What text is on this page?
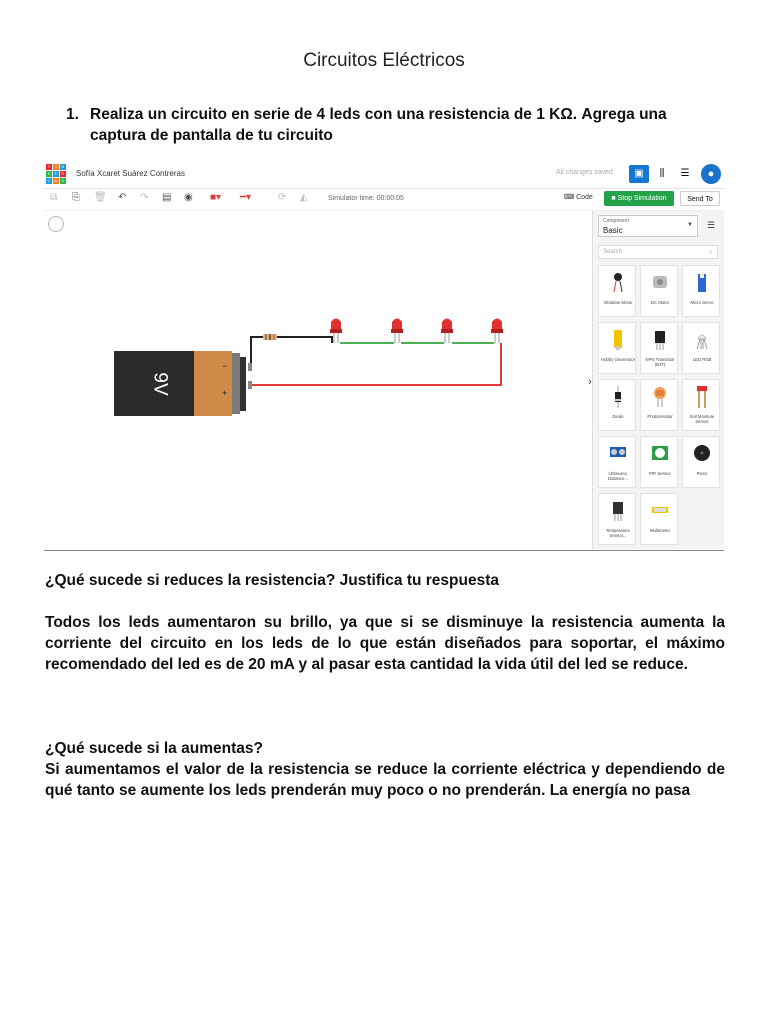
Circuitos Eléctricos
1. Realiza un circuito en serie de 4 leds con una resistencia de 1 KΩ. Agrega una captura de pantalla de tu circuito
T	I	N
K	E	R
C	A	D
Sofía Xcaret Suárez Contreras	All changes saved	▣	⫼	☰	●
⧉ ⎘ 🗑 ↶ ↷ ▤ ◉ ■▾ ━▾	⟳ ◭	Simulator time: 00:00:05	⌨ Code	■ Stop Simulation	Send To
9V
−
+
›
Component
Basic
▼ ☰
Search	⌕
Vibration Motor	DC Motor	Micro Servo
Hobby Gearmotor	NPN Transistor (BJT)
LED RGB
Diode	Photoresistor	Soil Moisture Sensor
Ultrasonic Distance...
PIR Sensor	Piezo
Temperature Sensor...
Multimeter
¿Qué sucede si reduces la resistencia? Justifica tu respuesta
Todos los leds aumentaron su brillo, ya que si se disminuye la resistencia aumenta la corriente del circuito en los leds de lo que están diseñados para soportar, el máximo recomendado del led es de 20 mA y al pasar esta cantidad la vida útil del led se reduce.
¿Qué sucede si la aumentas?
Si aumentamos el valor de la resistencia se reduce la corriente eléctrica y dependiendo de qué tanto se aumente los leds prenderán muy poco o no prenderán. La energía no pasa
